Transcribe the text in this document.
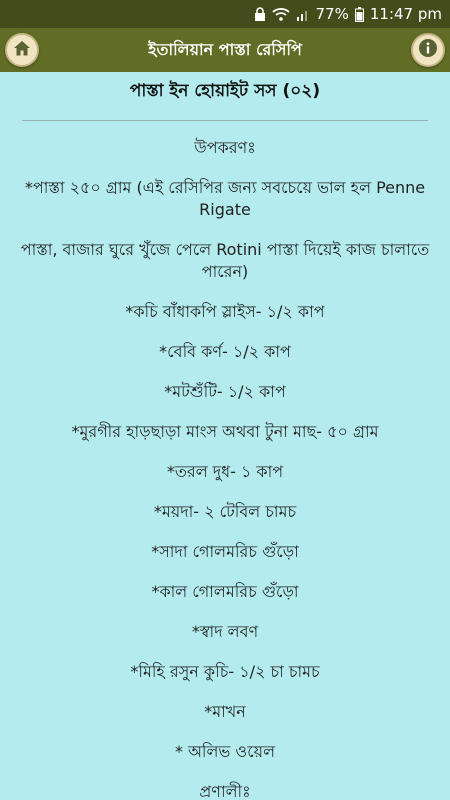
77% 11:47 pm
ইতালিয়ান পাস্তা রেসিপি
পাস্তা ইন হোয়াইট সস (০২)
উপকরণঃ
*পাস্তা ২৫০ গ্রাম (এই রেসিপির জন্য সবচেয়ে ভাল হল Penne Rigate
পাস্তা, বাজার ঘুরে খুঁজে পেলে Rotini পাস্তা দিয়েই কাজ চালাতে পারেন)
*কচি বাঁধাকপি স্লাইস- ১/২ কাপ
*বেবি কর্ণ- ১/২ কাপ
*মটশুঁটি- ১/২ কাপ
*মুরগীর হাড়ছাড়া মাংস অথবা টুনা মাছ- ৫০ গ্রাম
*তরল দুধ- ১ কাপ
*ময়দা- ২ টেবিল চামচ
*সাদা গোলমরিচ গুঁড়ো
*কাল গোলমরিচ গুঁড়ো
*স্বাদ লবণ
*মিহি রসুন কুচি- ১/২ চা চামচ
*মাখন
* অলিভ ওয়েল
প্রণালীঃ
